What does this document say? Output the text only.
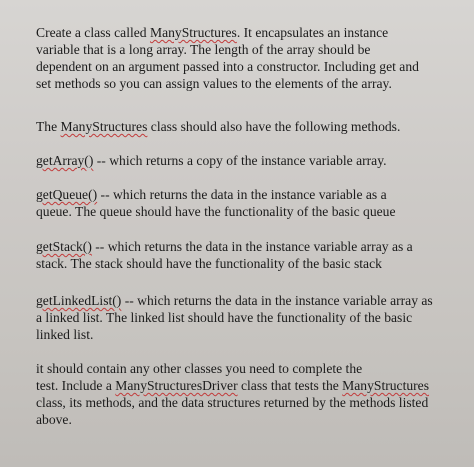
Create a class called ManyStructures. It encapsulates an instance
variable that is a long array. The length of the array should be
dependent on an argument passed into a constructor. Including get and
set methods so you can assign values to the elements of the array.

The ManyStructures class should also have the following methods.

getArray() -- which returns a copy of the instance variable array.

getQueue() -- which returns the data in the instance variable as a
queue. The queue should have the functionality of the basic queue

getStack() -- which returns the data in the instance variable array as a
stack. The stack should have the functionality of the basic stack

getLinkedList() -- which returns the data in the instance variable array as
a linked list. The linked list should have the functionality of the basic
linked list.

it should contain any other classes you need to complete the
test. Include a ManyStructuresDriver class that tests the ManyStructures
class, its methods, and the data structures returned by the methods listed
above.
